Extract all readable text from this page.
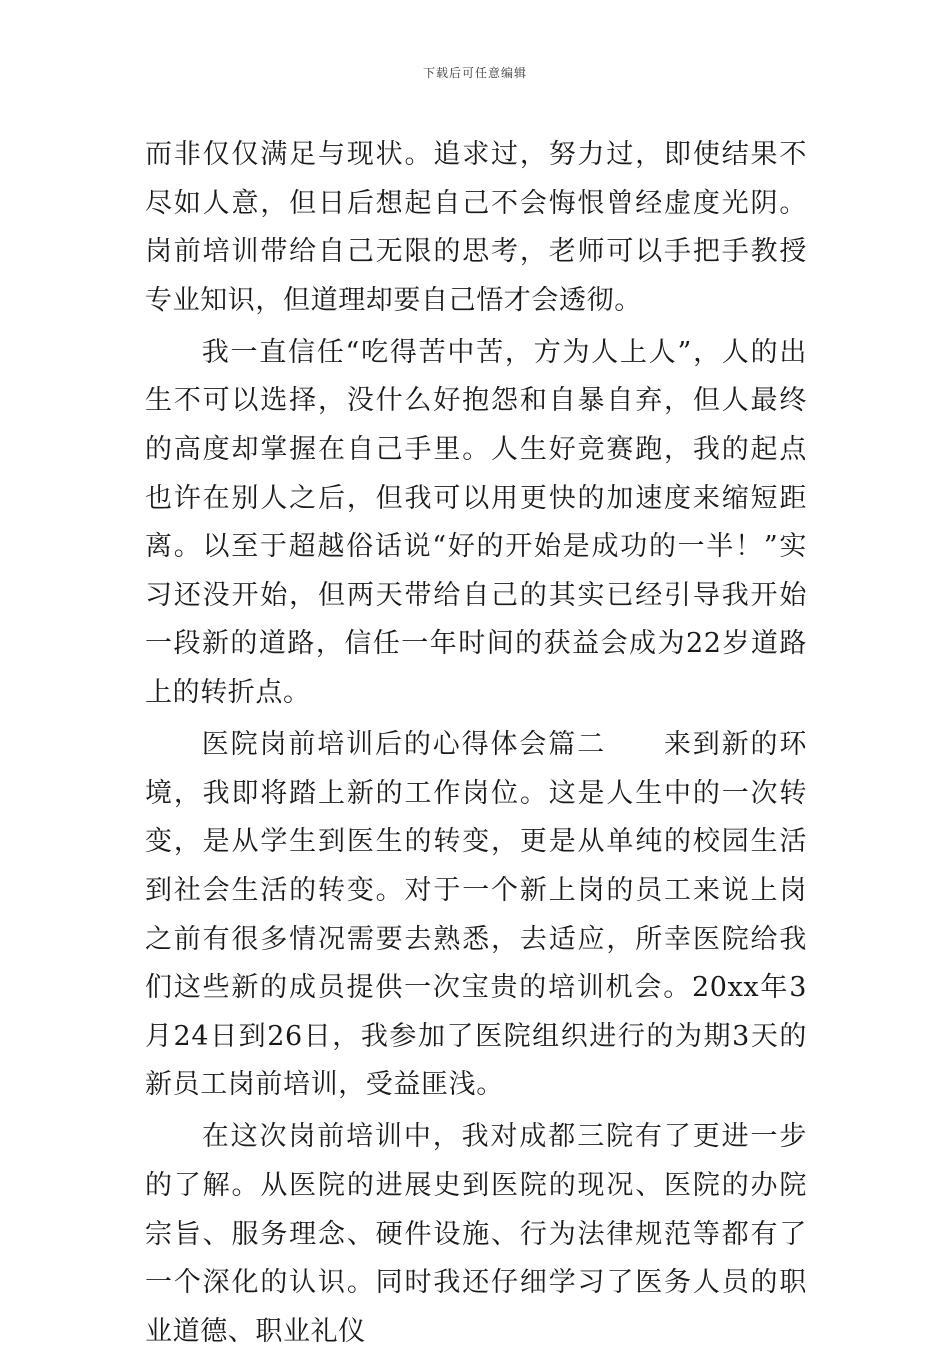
下载后可任意编辑

而非仅仅满足与现状。追求过，努力过，即使结果不尽如人意，但日后想起自己不会悔恨曾经虚度光阴。岗前培训带给自己无限的思考，老师可以手把手教授专业知识，但道理却要自己悟才会透彻。

我一直信任“吃得苦中苦，方为人上人”，人的出生不可以选择，没什么好抱怨和自暴自弃，但人最终的高度却掌握在自己手里。人生好竞赛跑，我的起点也许在别人之后，但我可以用更快的加速度来缩短距离。以至于超越俗话说“好的开始是成功的一半！”实习还没开始，但两天带给自己的其实已经引导我开始一段新的道路，信任一年时间的获益会成为22岁道路上的转折点。

医院岗前培训后的心得体会篇二　　来到新的环境，我即将踏上新的工作岗位。这是人生中的一次转变，是从学生到医生的转变，更是从单纯的校园生活到社会生活的转变。对于一个新上岗的员工来说上岗之前有很多情况需要去熟悉，去适应，所幸医院给我们这些新的成员提供一次宝贵的培训机会。20xx年3月24日到26日，我参加了医院组织进行的为期3天的新员工岗前培训，受益匪浅。

在这次岗前培训中，我对成都三院有了更进一步的了解。从医院的进展史到医院的现况、医院的办院宗旨、服务理念、硬件设施、行为法律规范等都有了一个深化的认识。同时我还仔细学习了医务人员的职业道德、职业礼仪
